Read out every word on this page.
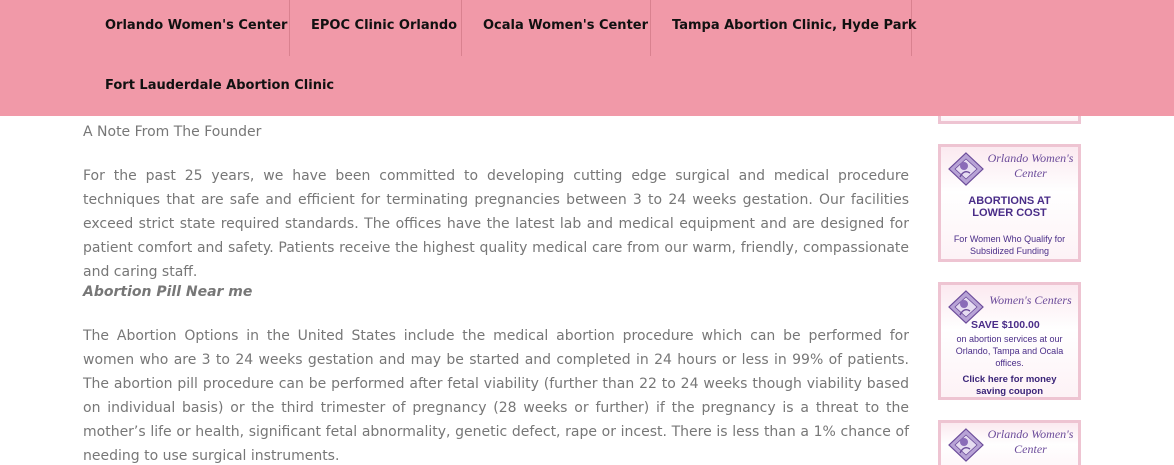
Orlando Women's Center	EPOC Clinic Orlando	Ocala Women's Center	Tampa Abortion Clinic, Hyde Park
Fort Lauderdale Abortion Clinic
A Note From The Founder

For the past 25 years, we have been committed to developing cutting edge surgical and medical procedure techniques that are safe and efficient for terminating pregnancies between 3 to 24 weeks gestation. Our facilities exceed strict state required standards. The offices have the latest lab and medical equipment and are designed for patient comfort and safety. Patients receive the highest quality medical care from our warm, friendly, compassionate and caring staff.

Abortion Pill Near me

The Abortion Options in the United States include the medical abortion procedure which can be performed for women who are 3 to 24 weeks gestation and may be started and completed in 24 hours or less in 99% of patients. The abortion pill procedure can be performed after fetal viability (further than 22 to 24 weeks though viability based on individual basis) or the third trimester of pregnancy (28 weeks or further) if the pregnancy is a threat to the mother’s life or health, significant fetal abnormality, genetic defect, rape or incest. There is less than a 1% chance of needing to use surgical instruments.

Orlando Women's Center
ABORTIONS AT LOWER COST
For Women Who Qualify for Subsidized Funding
Women's Centers
SAVE $100.00
on abortion services at our Orlando, Tampa and Ocala offices.
Click here for money saving coupon
Orlando Women's Center
